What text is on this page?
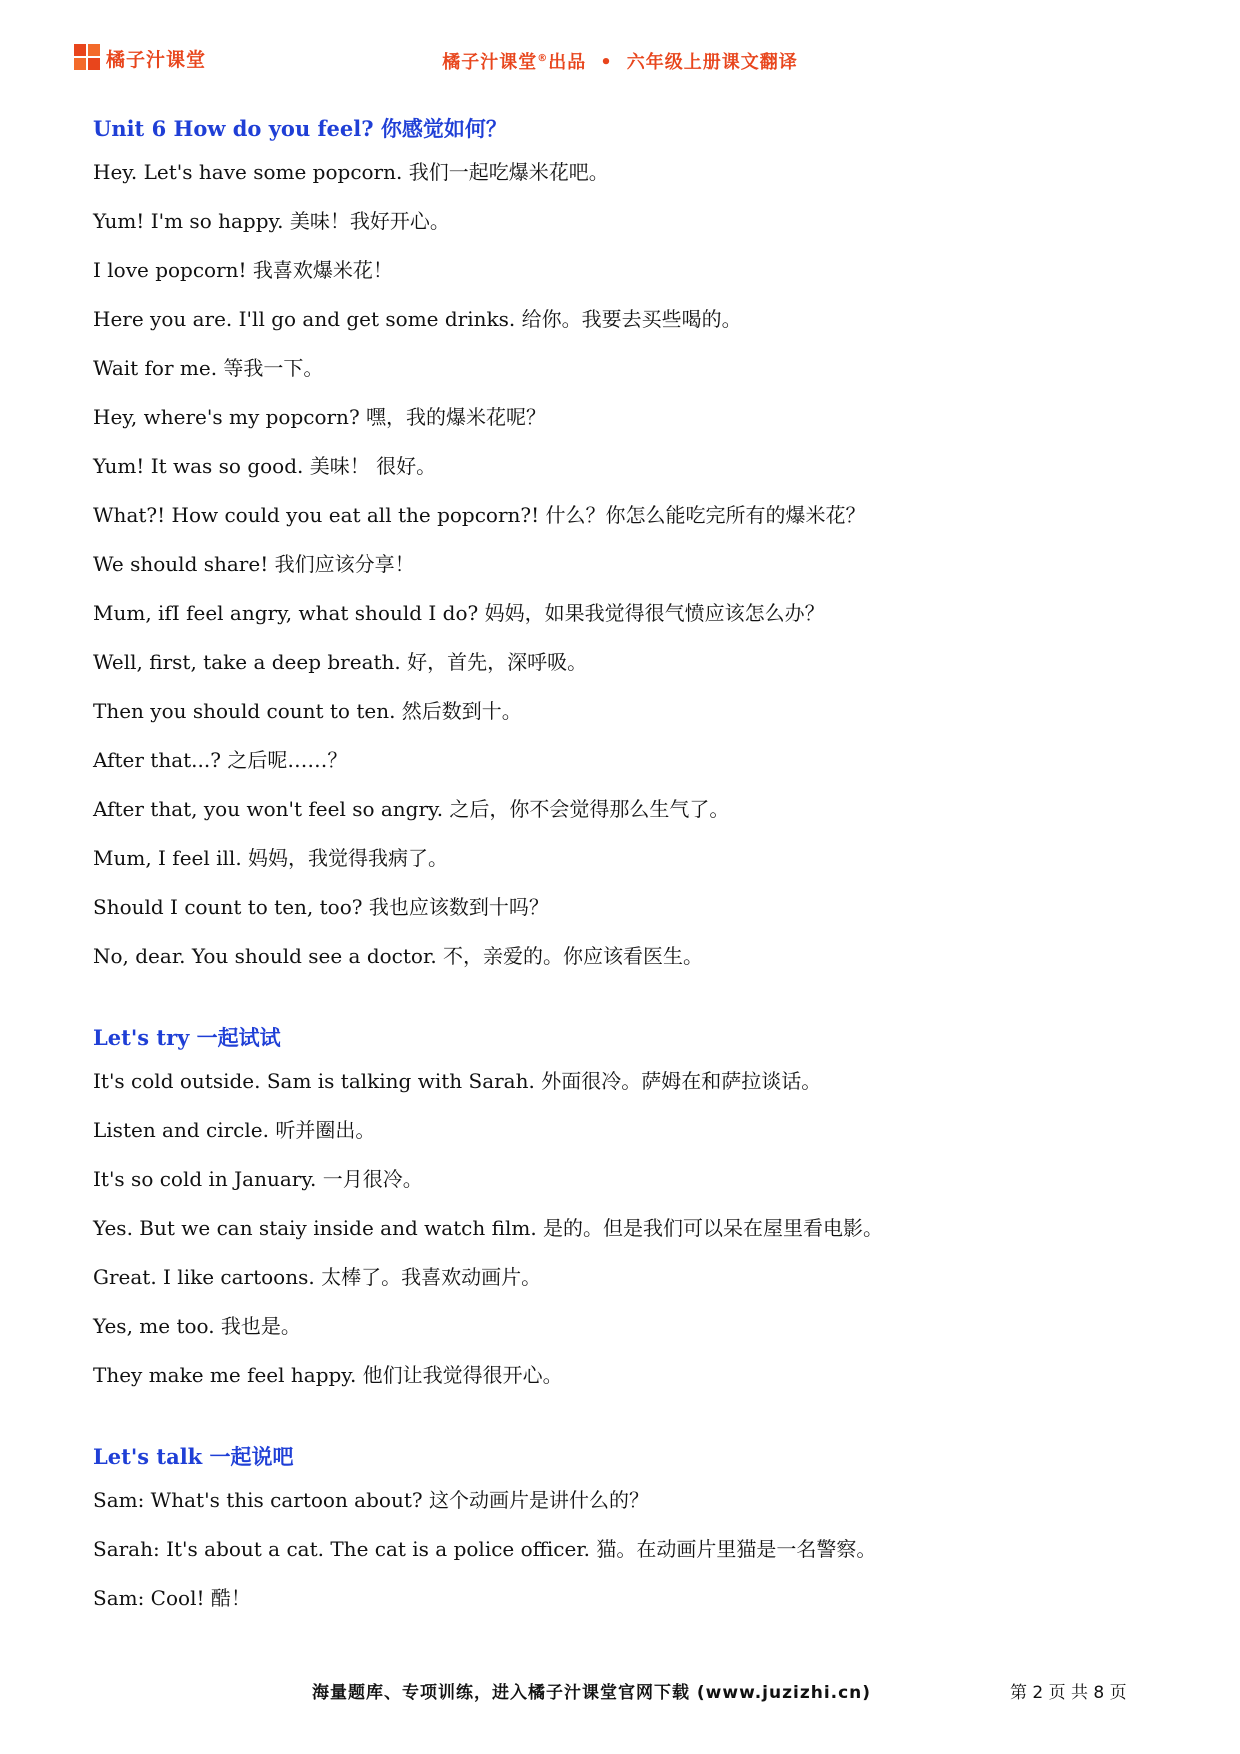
橘子汁课堂	橘子汁课堂®出品 • 六年级上册课文翻译
Unit 6 How do you feel? 你感觉如何？

Hey. Let's have some popcorn. 我们一起吃爆米花吧。

Yum! I'm so happy. 美味！我好开心。

I love popcorn! 我喜欢爆米花！

Here you are. I'll go and get some drinks. 给你。我要去买些喝的。

Wait for me. 等我一下。

Hey, where's my popcorn? 嘿，我的爆米花呢？

Yum! It was so good. 美味！ 很好。

What?! How could you eat all the popcorn?! 什么？你怎么能吃完所有的爆米花？

We should share! 我们应该分享！

Mum, ifI feel angry, what should I do? 妈妈，如果我觉得很气愤应该怎么办？

Well, first, take a deep breath. 好，首先，深呼吸。

Then you should count to ten. 然后数到十。

After that...? 之后呢……？

After that, you won't feel so angry. 之后，你不会觉得那么生气了。

Mum, I feel ill. 妈妈，我觉得我病了。

Should I count to ten, too? 我也应该数到十吗？

No, dear. You should see a doctor. 不，亲爱的。你应该看医生。

Let's try 一起试试

It's cold outside. Sam is talking with Sarah. 外面很冷。萨姆在和萨拉谈话。

Listen and circle. 听并圈出。

It's so cold in January. 一月很冷。

Yes. But we can staiy inside and watch film. 是的。但是我们可以呆在屋里看电影。

Great. I like cartoons. 太棒了。我喜欢动画片。

Yes, me too. 我也是。

They make me feel happy. 他们让我觉得很开心。

Let's talk 一起说吧

Sam: What's this cartoon about? 这个动画片是讲什么的？

Sarah: It's about a cat. The cat is a police officer. 猫。在动画片里猫是一名警察。

Sam: Cool! 酷！

海量题库、专项训练，进入橘子汁课堂官网下载 (www.juzizhi.cn)	第 2 页 共 8 页
